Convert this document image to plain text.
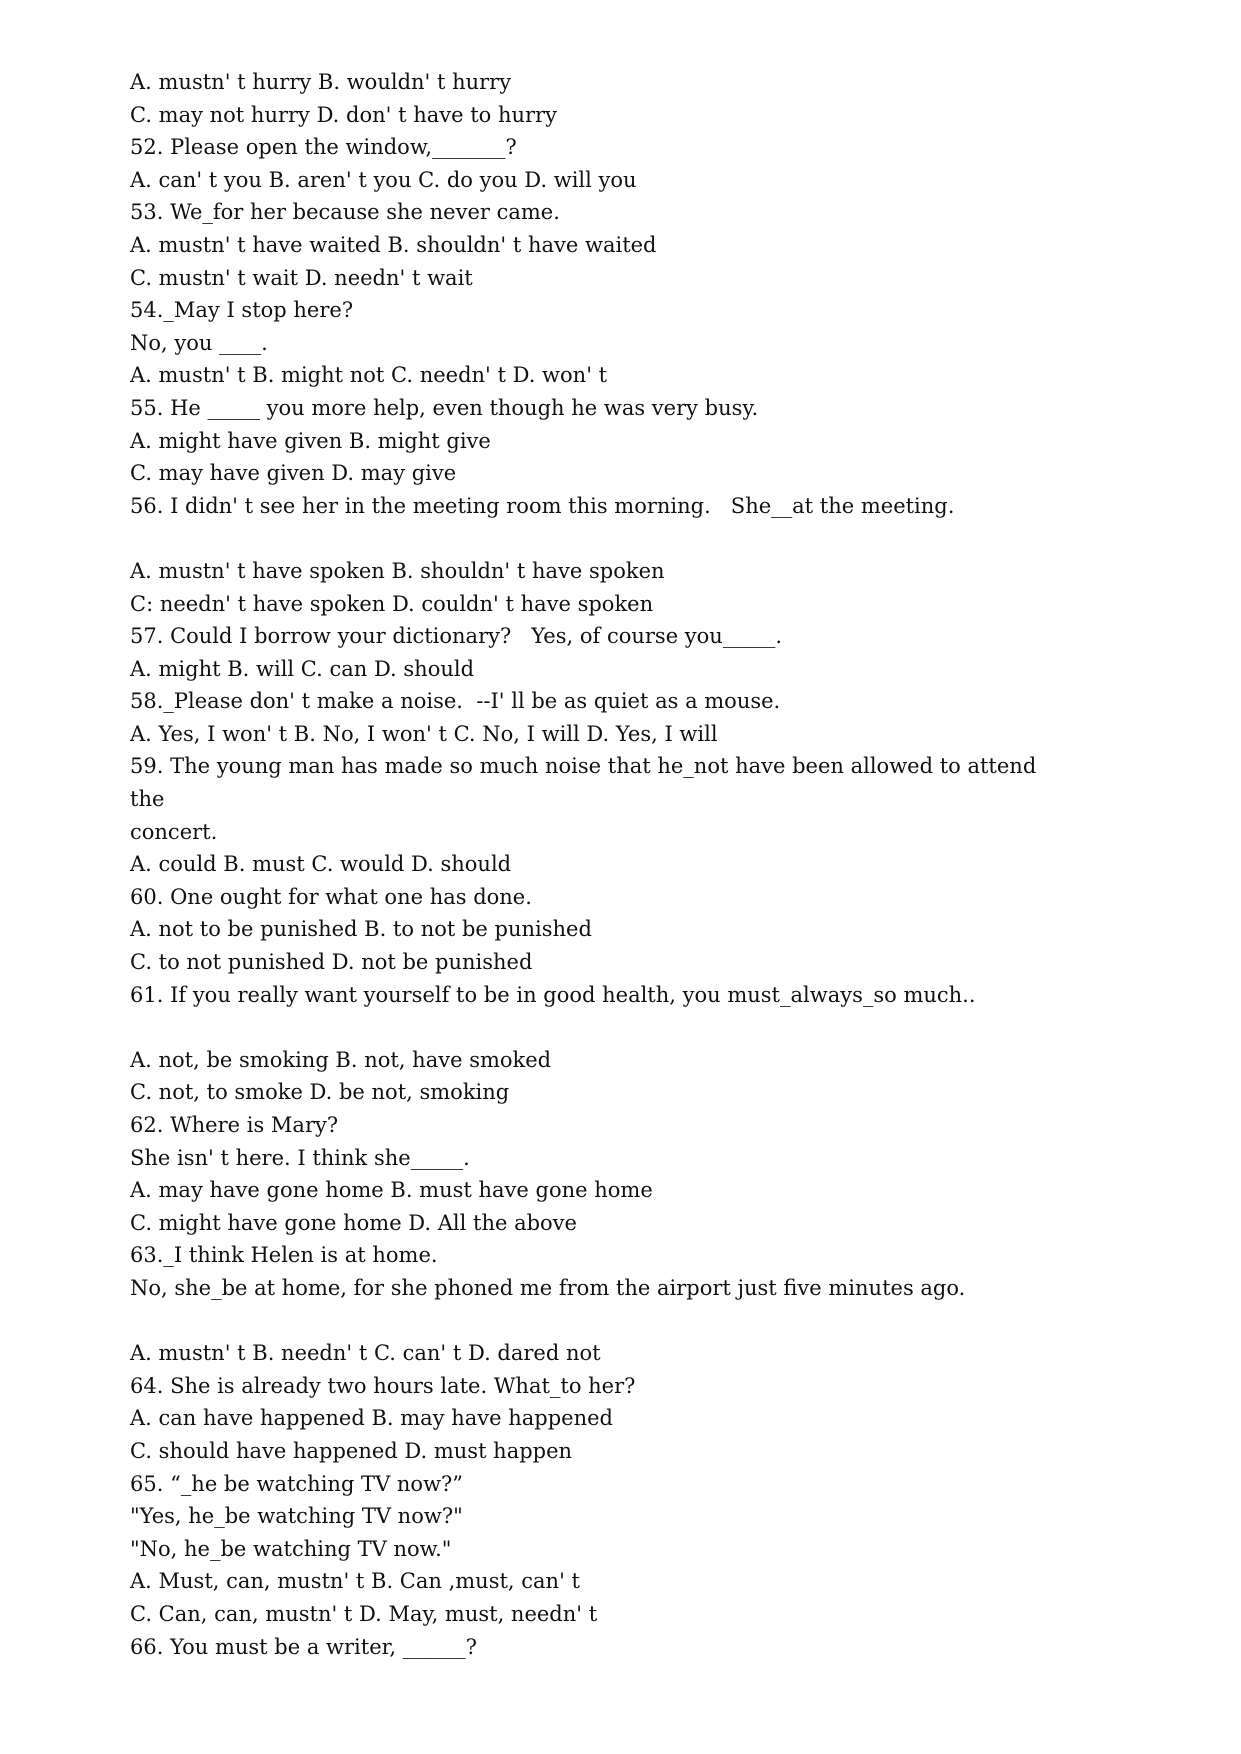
A. mustn' t hurry B. wouldn' t hurry
C. may not hurry D. don' t have to hurry
52. Please open the window,_______?
A. can' t you B. aren' t you C. do you D. will you
53. We_for her because she never came.
A. mustn' t have waited B. shouldn' t have waited
C. mustn' t wait D. needn' t wait
54._May I stop here?
No, you ____.
A. mustn' t B. might not C. needn' t D. won' t
55. He _____ you more help, even though he was very busy.
A. might have given B. might give
C. may have given D. may give
56. I didn' t see her in the meeting room this morning.   She__at the meeting.
A. mustn' t have spoken B. shouldn' t have spoken
C: needn' t have spoken D. couldn' t have spoken
57. Could I borrow your dictionary?   Yes, of course you_____.
A. might B. will C. can D. should
58._Please don' t make a noise.  --I' ll be as quiet as a mouse.
A. Yes, I won' t B. No, I won' t C. No, I will D. Yes, I will
59. The young man has made so much noise that he_not have been allowed to attend
the
concert.
A. could B. must C. would D. should
60. One ought for what one has done.
A. not to be punished B. to not be punished
C. to not punished D. not be punished
61. If you really want yourself to be in good health, you must_always_so much..
A. not, be smoking B. not, have smoked
C. not, to smoke D. be not, smoking
62. Where is Mary?
She isn' t here. I think she_____.
A. may have gone home B. must have gone home
C. might have gone home D. All the above
63._I think Helen is at home.
No, she_be at home, for she phoned me from the airport just five minutes ago.
A. mustn' t B. needn' t C. can' t D. dared not
64. She is already two hours late. What_to her?
A. can have happened B. may have happened
C. should have happened D. must happen
65. “_he be watching TV now?”
"Yes, he_be watching TV now?"
"No, he_be watching TV now."
A. Must, can, mustn' t B. Can ,must, can' t
C. Can, can, mustn' t D. May, must, needn' t
66. You must be a writer, ______?
